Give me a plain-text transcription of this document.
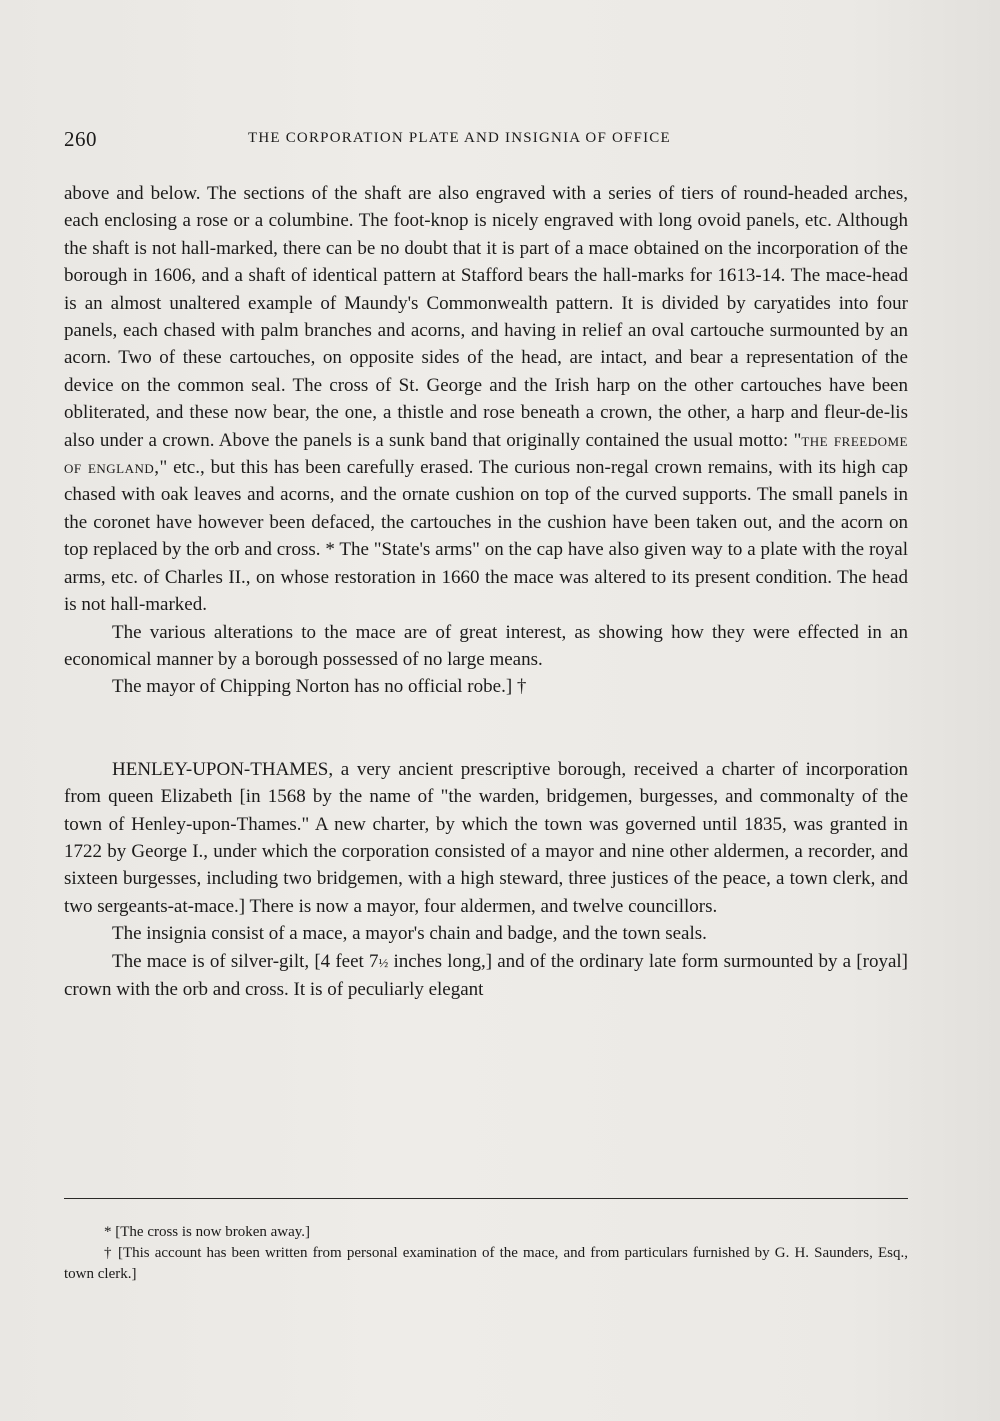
260	THE CORPORATION PLATE AND INSIGNIA OF OFFICE

above and below. The sections of the shaft are also engraved with a series of tiers of round-headed arches, each enclosing a rose or a columbine. The foot-knop is nicely engraved with long ovoid panels, etc. Although the shaft is not hall-marked, there can be no doubt that it is part of a mace obtained on the incorporation of the borough in 1606, and a shaft of identical pattern at Stafford bears the hall-marks for 1613-14. The mace-head is an almost unaltered example of Maundy's Commonwealth pattern. It is divided by caryatides into four panels, each chased with palm branches and acorns, and having in relief an oval cartouche surmounted by an acorn. Two of these cartouches, on opposite sides of the head, are intact, and bear a representation of the device on the common seal. The cross of St. George and the Irish harp on the other cartouches have been obliterated, and these now bear, the one, a thistle and rose beneath a crown, the other, a harp and fleur-de-lis also under a crown. Above the panels is a sunk band that originally contained the usual motto: "the freedome of england," etc., but this has been carefully erased. The curious non-regal crown remains, with its high cap chased with oak leaves and acorns, and the ornate cushion on top of the curved supports. The small panels in the coronet have however been defaced, the cartouches in the cushion have been taken out, and the acorn on top replaced by the orb and cross. * The "State's arms" on the cap have also given way to a plate with the royal arms, etc. of Charles II., on whose restoration in 1660 the mace was altered to its present condition. The head is not hall-marked.

The various alterations to the mace are of great interest, as showing how they were effected in an economical manner by a borough possessed of no large means.

The mayor of Chipping Norton has no official robe.] †

HENLEY-UPON-THAMES, a very ancient prescriptive borough, received a charter of incorporation from queen Elizabeth [in 1568 by the name of "the warden, bridgemen, burgesses, and commonalty of the town of Henley-upon-Thames." A new charter, by which the town was governed until 1835, was granted in 1722 by George I., under which the corporation consisted of a mayor and nine other aldermen, a recorder, and sixteen burgesses, including two bridgemen, with a high steward, three justices of the peace, a town clerk, and two sergeants-at-mace.] There is now a mayor, four aldermen, and twelve councillors.

The insignia consist of a mace, a mayor's chain and badge, and the town seals.

The mace is of silver-gilt, [4 feet 7½ inches long,] and of the ordinary late form surmounted by a [royal] crown with the orb and cross. It is of peculiarly elegant

* [The cross is now broken away.]

† [This account has been written from personal examination of the mace, and from particulars furnished by G. H. Saunders, Esq., town clerk.]
